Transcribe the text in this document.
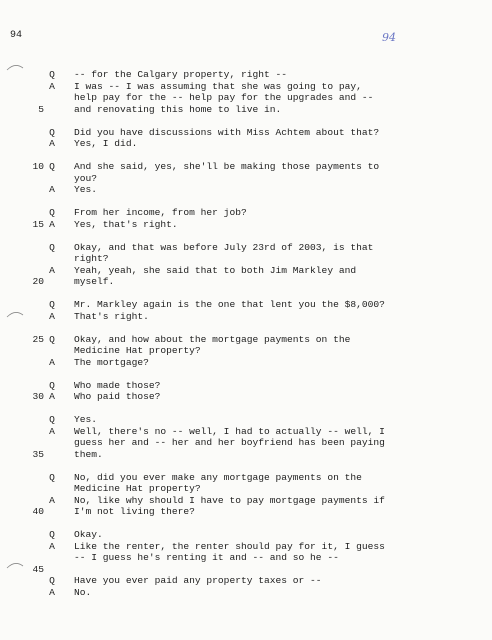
94	94
Q	-- for the Calgary property, right --
A	I was -- I was assuming that she was going to pay,
help pay for the -- help pay for the upgrades and --
5	and renovating this home to live in.
Q	Did you have discussions with Miss Achtem about that?
A	Yes, I did.
10 Q	And she said, yes, she'll be making those payments to
you?
A	Yes.
Q	From her income, from her job?
15 A	Yes, that's right.
Q	Okay, and that was before July 23rd of 2003, is that
right?
A	Yeah, yeah, she said that to both Jim Markley and
20	myself.
Q	Mr. Markley again is the one that lent you the $8,000?
A	That's right.
25 Q	Okay, and how about the mortgage payments on the
Medicine Hat property?
A	The mortgage?
Q	Who made those?
30 A	Who paid those?
Q	Yes.
A	Well, there's no -- well, I had to actually -- well, I
guess her and -- her and her boyfriend has been paying
35	them.
Q	No, did you ever make any mortgage payments on the
Medicine Hat property?
A	No, like why should I have to pay mortgage payments if
40	I'm not living there?
Q	Okay.
A	Like the renter, the renter should pay for it, I guess
-- I guess he's renting it and -- and so he --
45
Q	Have you ever paid any property taxes or --
A	No.
